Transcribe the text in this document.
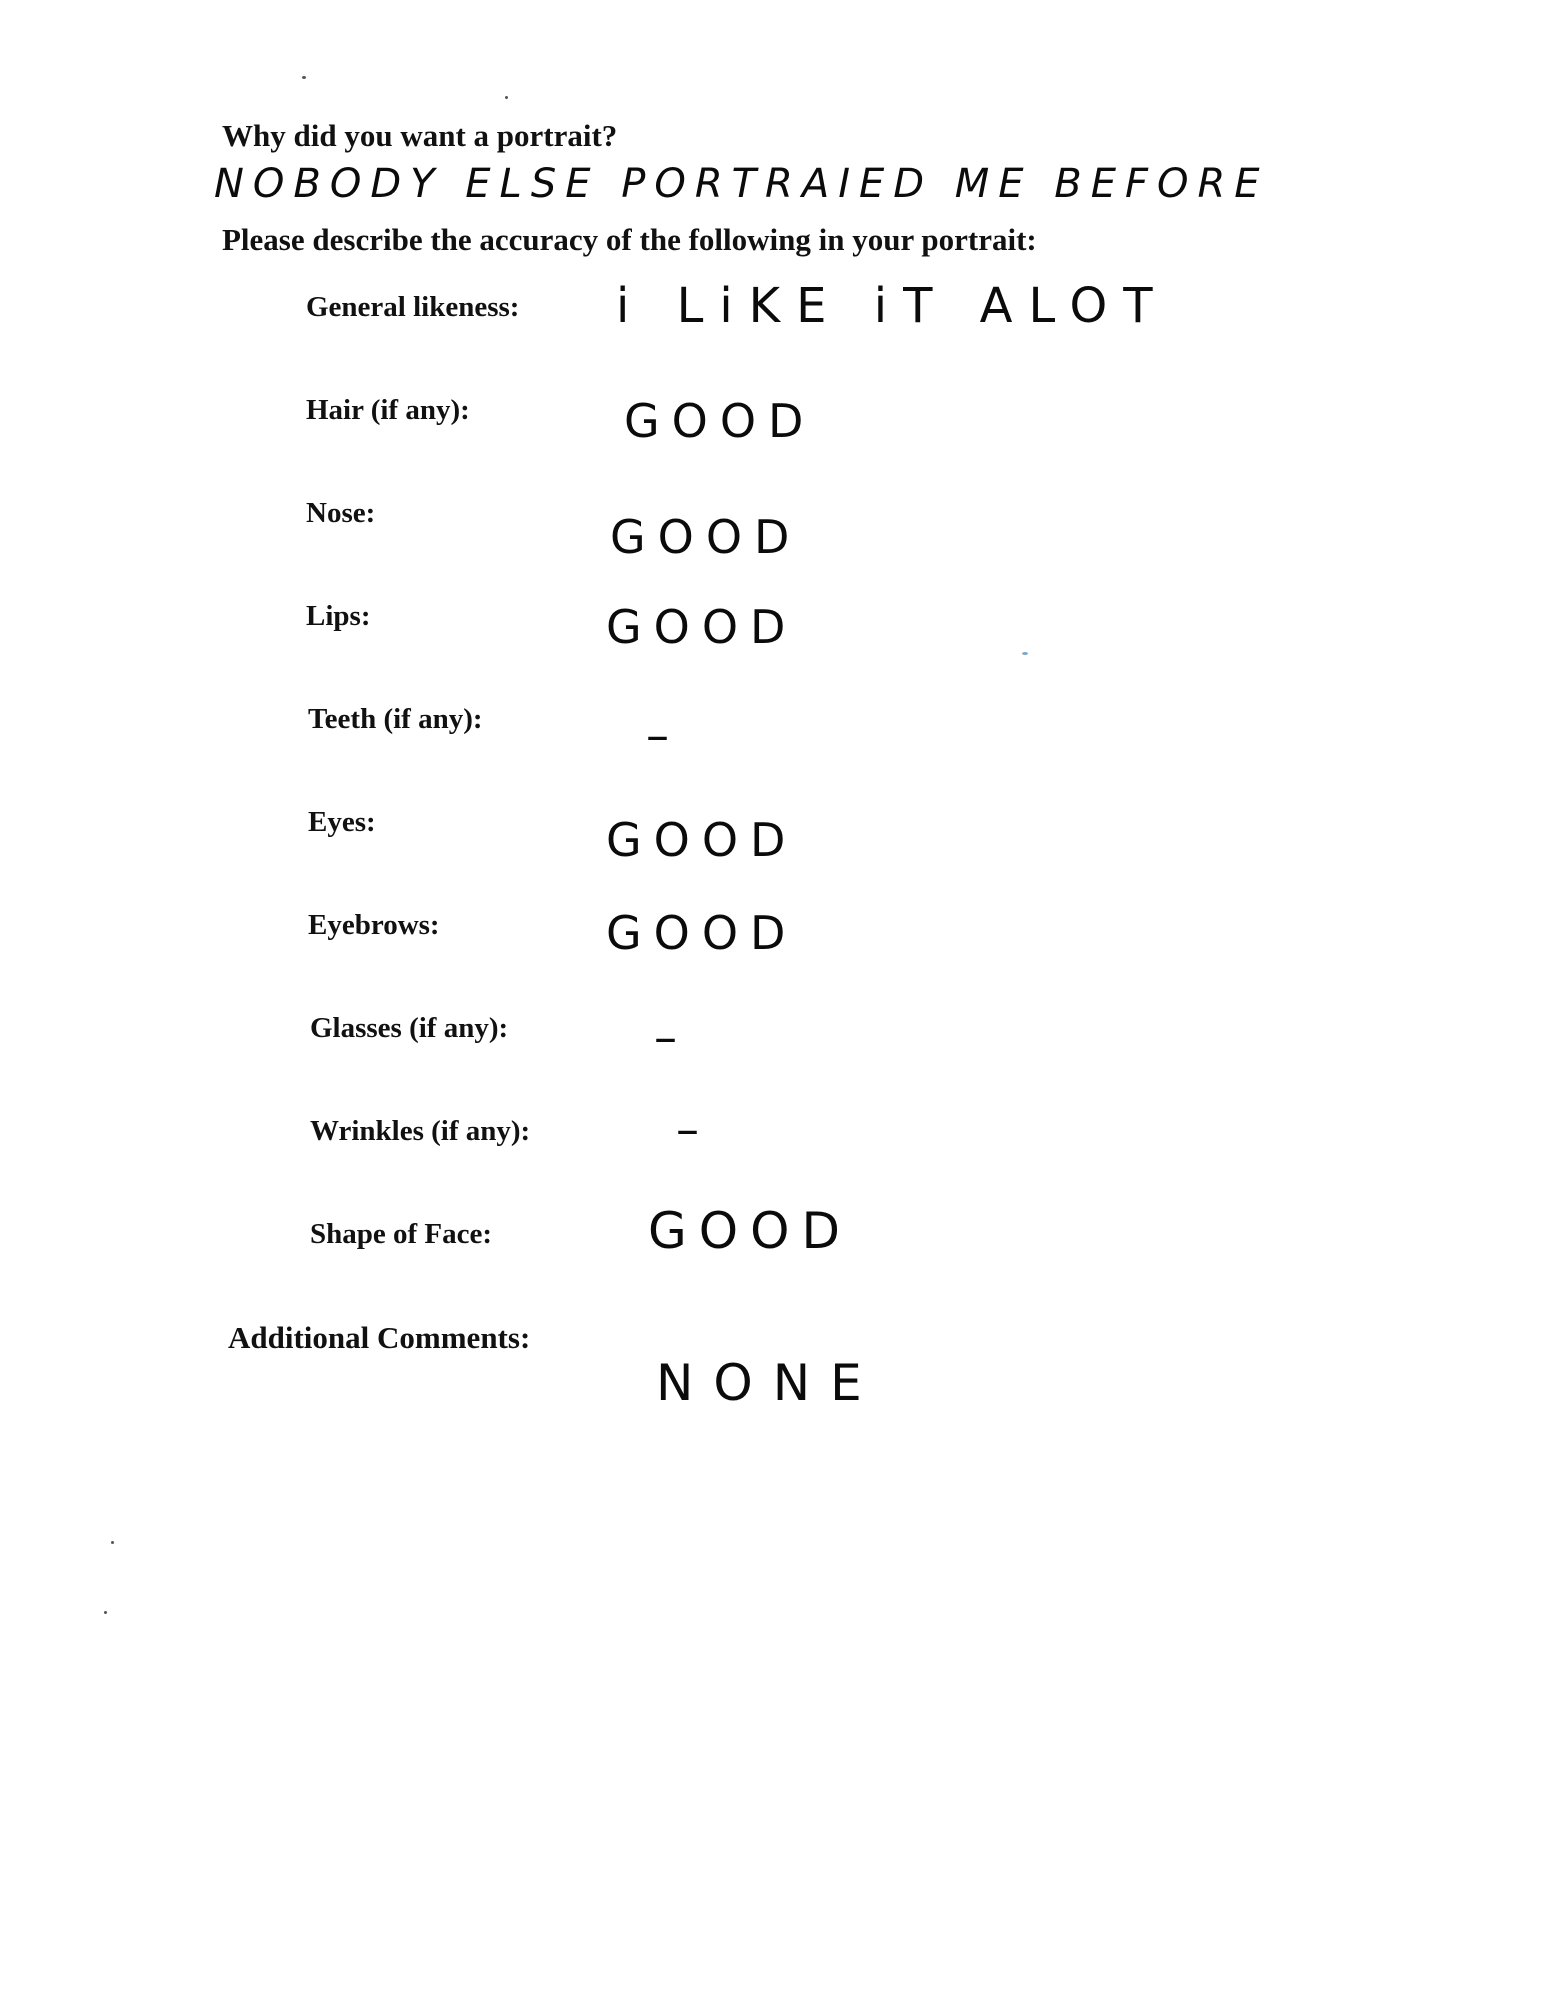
Why did you want a portrait?
NOBODY ELSE PORTRAIED ME BEFORE
Please describe the accuracy of the following in your portrait:
General likeness: i LiKE iT ALOT
Hair (if any):	GOOD
Nose:	GOOD
Lips:	GOOD
Teeth (if any):	–
Eyes:	GOOD
Eyebrows:	GOOD
Glasses (if any):	–
Wrinkles (if any):	–
Shape of Face:	GOOD
Additional Comments:
NONE
